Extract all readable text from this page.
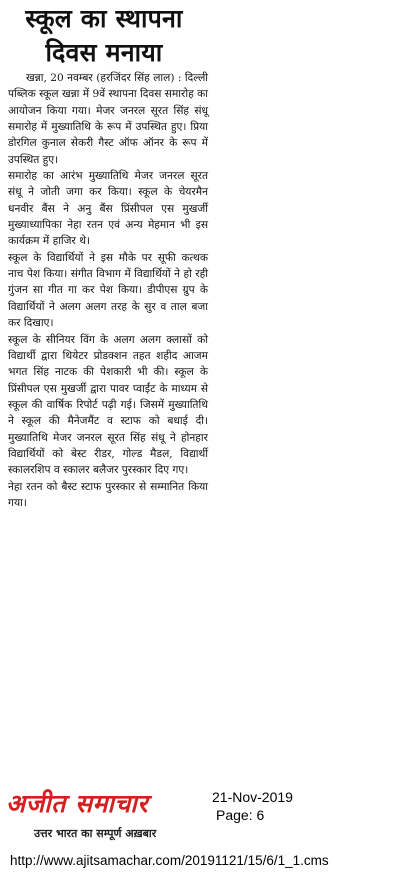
स्कूल का स्थापना
दिवस मनाया

खन्ना, 20 नवम्बर (हरजिंदर सिंह लाल) : दिल्ली पब्लिक स्कूल खन्ना में 9वें स्थापना दिवस समारोह का आयोजन किया गया। मेजर जनरल सूरत सिंह संधू समारोह में मुख्यातिथि के रूप में उपस्थित हुए। प्रिया डोरगिल कुनाल सेकरी गैस्ट ऑफ ऑनर के रूप में उपस्थित हुए।

समारोह का आरंभ मुख्यातिथि मेजर जनरल सूरत संधू ने जोती जगा कर किया। स्कूल के चेयरमैन धनवीर बैंस ने अनु बैंस प्रिंसीपल एस मुखर्जी मुख्याध्यापिका नेहा रतन एवं अन्य मेहमान भी इस कार्यक्रम में हाजिर थे।

स्कूल के विद्यार्थियों ने इस मौके पर सूफी कत्थक नाच पेश किया। संगीत विभाग में विद्यार्थियों ने हो रही गुंजन सा गीत गा कर पेश किया। डीपीएस ग्रुप के विद्यार्थियों ने अलग अलग तरह के सुर व ताल बजा कर दिखाए।

स्कूल के सीनियर विंग के अलग अलग क्लासों को विद्यार्थी द्वारा थियेटर प्रोडक्शन तहत शहीद आजम भगत सिंह नाटक की पेशकारी भी की। स्कूल के प्रिंसीपल एस मुखर्जी द्वारा पावर प्वाईंट के माध्यम से स्कूल की वार्षिक रिपोर्ट पढ़ी गई। जिसमें मुख्यातिथि ने स्कूल की मैनेजमैंट व स्टाफ को बधाई दी। मुख्यातिथि मेजर जनरल सूरत सिंह संधू ने होनहार विद्यार्थियों को बेस्ट रीडर, गोल्ड मैडल, विद्यार्थी स्कालरशिप व स्कालर बलैजर पुरस्कार दिए गए।

नेहा रतन को बैस्ट स्टाफ पुरस्कार से सम्मानित किया गया।

अजीत समाचार
उत्तर भारत का सम्पूर्ण अख़बार
21-Nov-2019
Page: 6
http://www.ajitsamachar.com/20191121/15/6/1_1.cms
